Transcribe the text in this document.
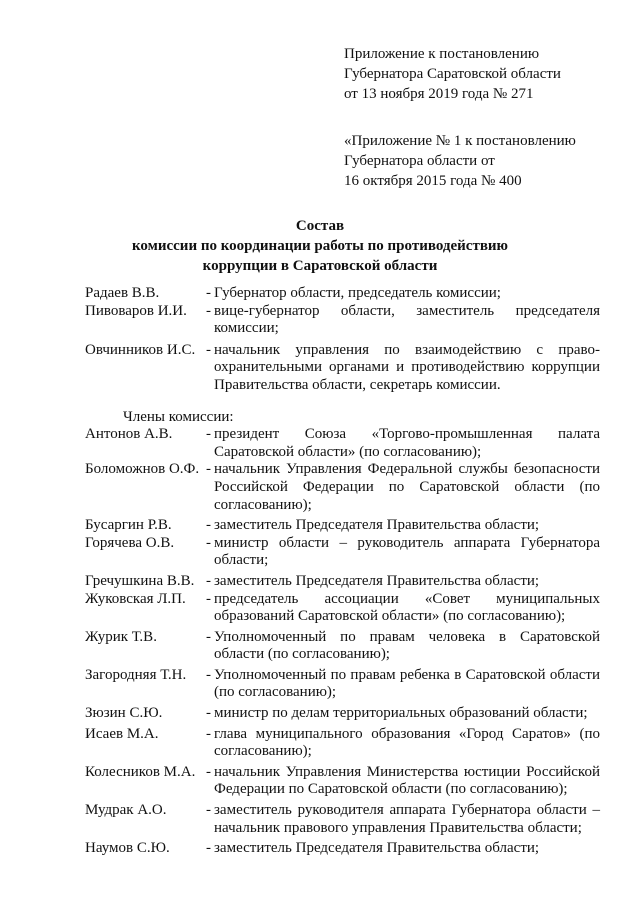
Приложение к постановлению
Губернатора Саратовской области
от 13 ноября 2019 года № 271
«Приложение № 1 к постановлению
Губернатора области от
16 октября 2015 года № 400
Состав
комиссии по координации работы по противодействию
коррупции в Саратовской области
Радаев В.В.	- Губернатор области, председатель комиссии;
Пивоваров И.И.	- вице-губернатор области, заместитель председателя комиссии;
Овчинников И.С. - начальник управления по взаимодействию с право-охранительными органами и противодействию коррупции Правительства области, секретарь комиссии.
Члены комиссии:
Антонов А.В.	- президент Союза «Торгово-промышленная палата Саратовской области» (по согласованию);
Боломожнов О.Ф. - начальник Управления Федеральной службы безопасности Российской Федерации по Саратовской области (по согласованию);
Бусаргин Р.В.	- заместитель Председателя Правительства области;
Горячева О.В.	- министр области – руководитель аппарата Губернатора области;
Гречушкина В.В. - заместитель Председателя Правительства области;
Жуковская Л.П.	- председатель ассоциации «Совет муниципальных образований Саратовской области» (по согласованию);
Журик Т.В.	- Уполномоченный по правам человека в Саратовской области (по согласованию);
Загородняя Т.Н.	- Уполномоченный по правам ребенка в Саратовской области (по согласованию);
Зюзин С.Ю.	- министр по делам территориальных образований области;
Исаев М.А.	- глава муниципального образования «Город Саратов» (по согласованию);
Колесников М.А. - начальник Управления Министерства юстиции Российской Федерации по Саратовской области (по согласованию);
Мудрак А.О.	- заместитель руководителя аппарата Губернатора области – начальник правового управления Правительства области;
Наумов С.Ю.	- заместитель Председателя Правительства области;
